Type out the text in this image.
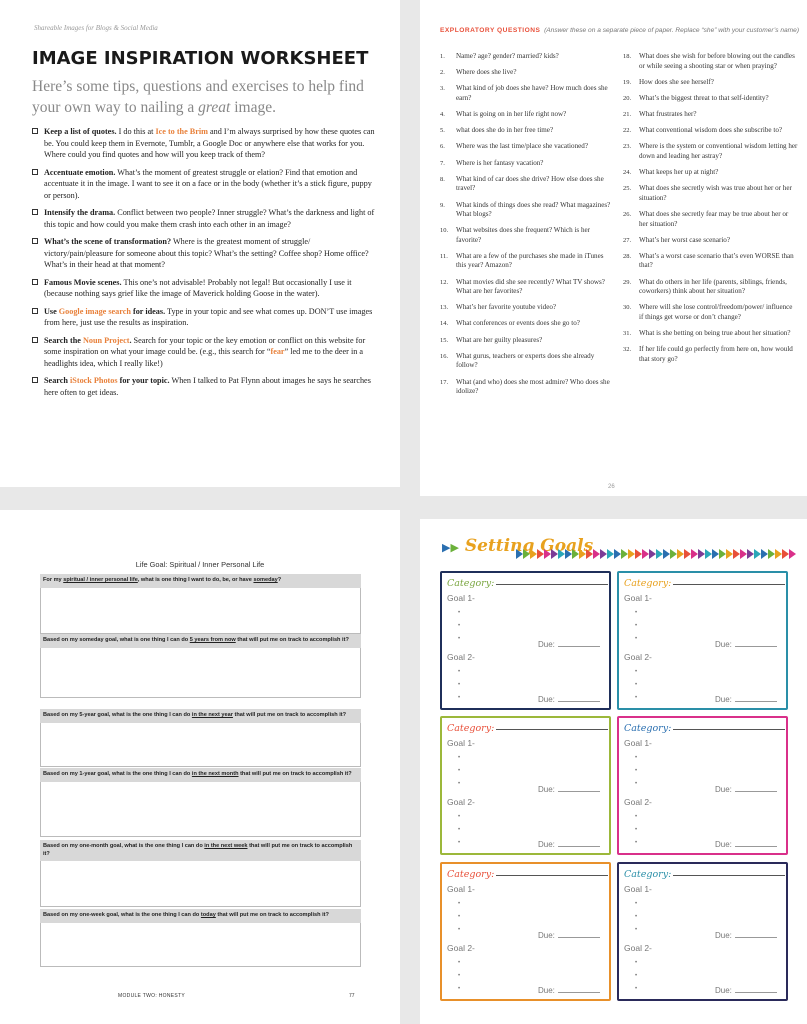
Shareable Images for Blogs & Social Media
IMAGE INSPIRATION WORKSHEET
Here’s some tips, questions and exercises to help find your own way to nailing a great image.
Keep a list of quotes. I do this at Ice to the Brim and I’m always surprised by how these quotes can be. You could keep them in Evernote, Tumblr, a Google Doc or anywhere else that works for you. Where could you find quotes and how will you keep track of them?
Accentuate emotion. What’s the moment of greatest struggle or elation? Find that emotion and accentuate it in the image. I want to see it on a face or in the body (whether it’s a stick figure, puppy or person).
Intensify the drama. Conflict between two people? Inner struggle? What’s the darkness and light of this topic and how could you make them crash into each other in an image?
What’s the scene of transformation? Where is the greatest moment of struggle/ victory/pain/pleasure for someone about this topic? What’s the setting? Coffee shop? Home office? What’s in their head at that moment?
Famous Movie scenes. This one’s not advisable! Probably not legal! But occasionally I use it (because nothing says grief like the image of Maverick holding Goose in the water).
Use Google image search for ideas. Type in your topic and see what comes up. DON’T use images from here, just use the results as inspiration.
Search the Noun Project. Search for your topic or the key emotion or conflict on this website for some inspiration on what your image could be. (e.g., this search for “fear” led me to the deer in a headlights idea, which I really like!)
Search iStock Photos for your topic. When I talked to Pat Flynn about images he says he searches here often to get ideas.
EXPLORATORY QUESTIONS (Answer these on a separate piece of paper. Replace “she” with your customer’s name)
1. Name? age? gender? married? kids?
2. Where does she live?
3. What kind of job does she have? How much does she earn?
4. What is going on in her life right now?
5. what does she do in her free time?
6. Where was the last time/place she vacationed?
7. Where is her fantasy vacation?
8. What kind of car does she drive? How else does she travel?
9. What kinds of things does she read? What magazines? What blogs?
10. What websites does she frequent? Which is her favorite?
11. What are a few of the purchases she made in iTunes this year? Amazon?
12. What movies did she see recently? What TV shows? What are her favorites?
13. What’s her favorite youtube video?
14. What conferences or events does she go to?
15. What are her guilty pleasures?
16. What gurus, teachers or experts does she already follow?
17. What (and who) does she most admire? Who does she idolize?
18. What does she wish for before blowing out the candles or while seeing a shooting star or when praying?
19. How does she see herself?
20. What’s the biggest threat to that self-identity?
21. What frustrates her?
22. What conventional wisdom does she subscribe to?
23. Where is the system or conventional wisdom letting her down and leading her astray?
24. What keeps her up at night?
25. What does she secretly wish was true about her or her situation?
26. What does she secretly fear may be true about her or her situation?
27. What’s her worst case scenario?
28. What’s a worst case scenario that’s even WORSE than that?
29. What do others in her life (parents, siblings, friends, coworkers) think about her situation?
30. Where will she lose control/freedom/power/ influence if things get worse or don’t change?
31. What is she betting on being true about her situation?
32. If her life could go perfectly from here on, how would that story go?
26
Life Goal: Spiritual / Inner Personal Life
For my spiritual / inner personal life, what is one thing I want to do, be, or have someday?
Based on my someday goal, what is one thing I can do 5 years from now that will put me on track to accomplish it?
Based on my 5-year goal, what is the one thing I can do in the next year that will put me on track to accomplish it?
Based on my 1-year goal, what is the one thing I can do in the next month that will put me on track to accomplish it?
Based on my one-month goal, what is the one thing I can do in the next week that will put me on track to accomplish it?
Based on my one-week goal, what is the one thing I can do today that will put me on track to accomplish it?
MODULE TWO: HONESTY	77
▶▶ Setting Goals
Category:
Goal 1-
•
•
•
Due:
Goal 2-
•
•
•	Due:
Category:
Goal 1-
•
•
•
Due:
Goal 2-
•
•
•	Due:
Category:
Goal 1-
•
•
•
Due:
Goal 2-
•
•
•	Due:
Category:
Goal 1-
•
•
•
Due:
Goal 2-
•
•
•	Due:
Category:
Goal 1-
•
•
•
Due:
Goal 2-
•
•
•	Due:
Category:
Goal 1-
•
•
•
Due:
Goal 2-
•
•
•	Due:
